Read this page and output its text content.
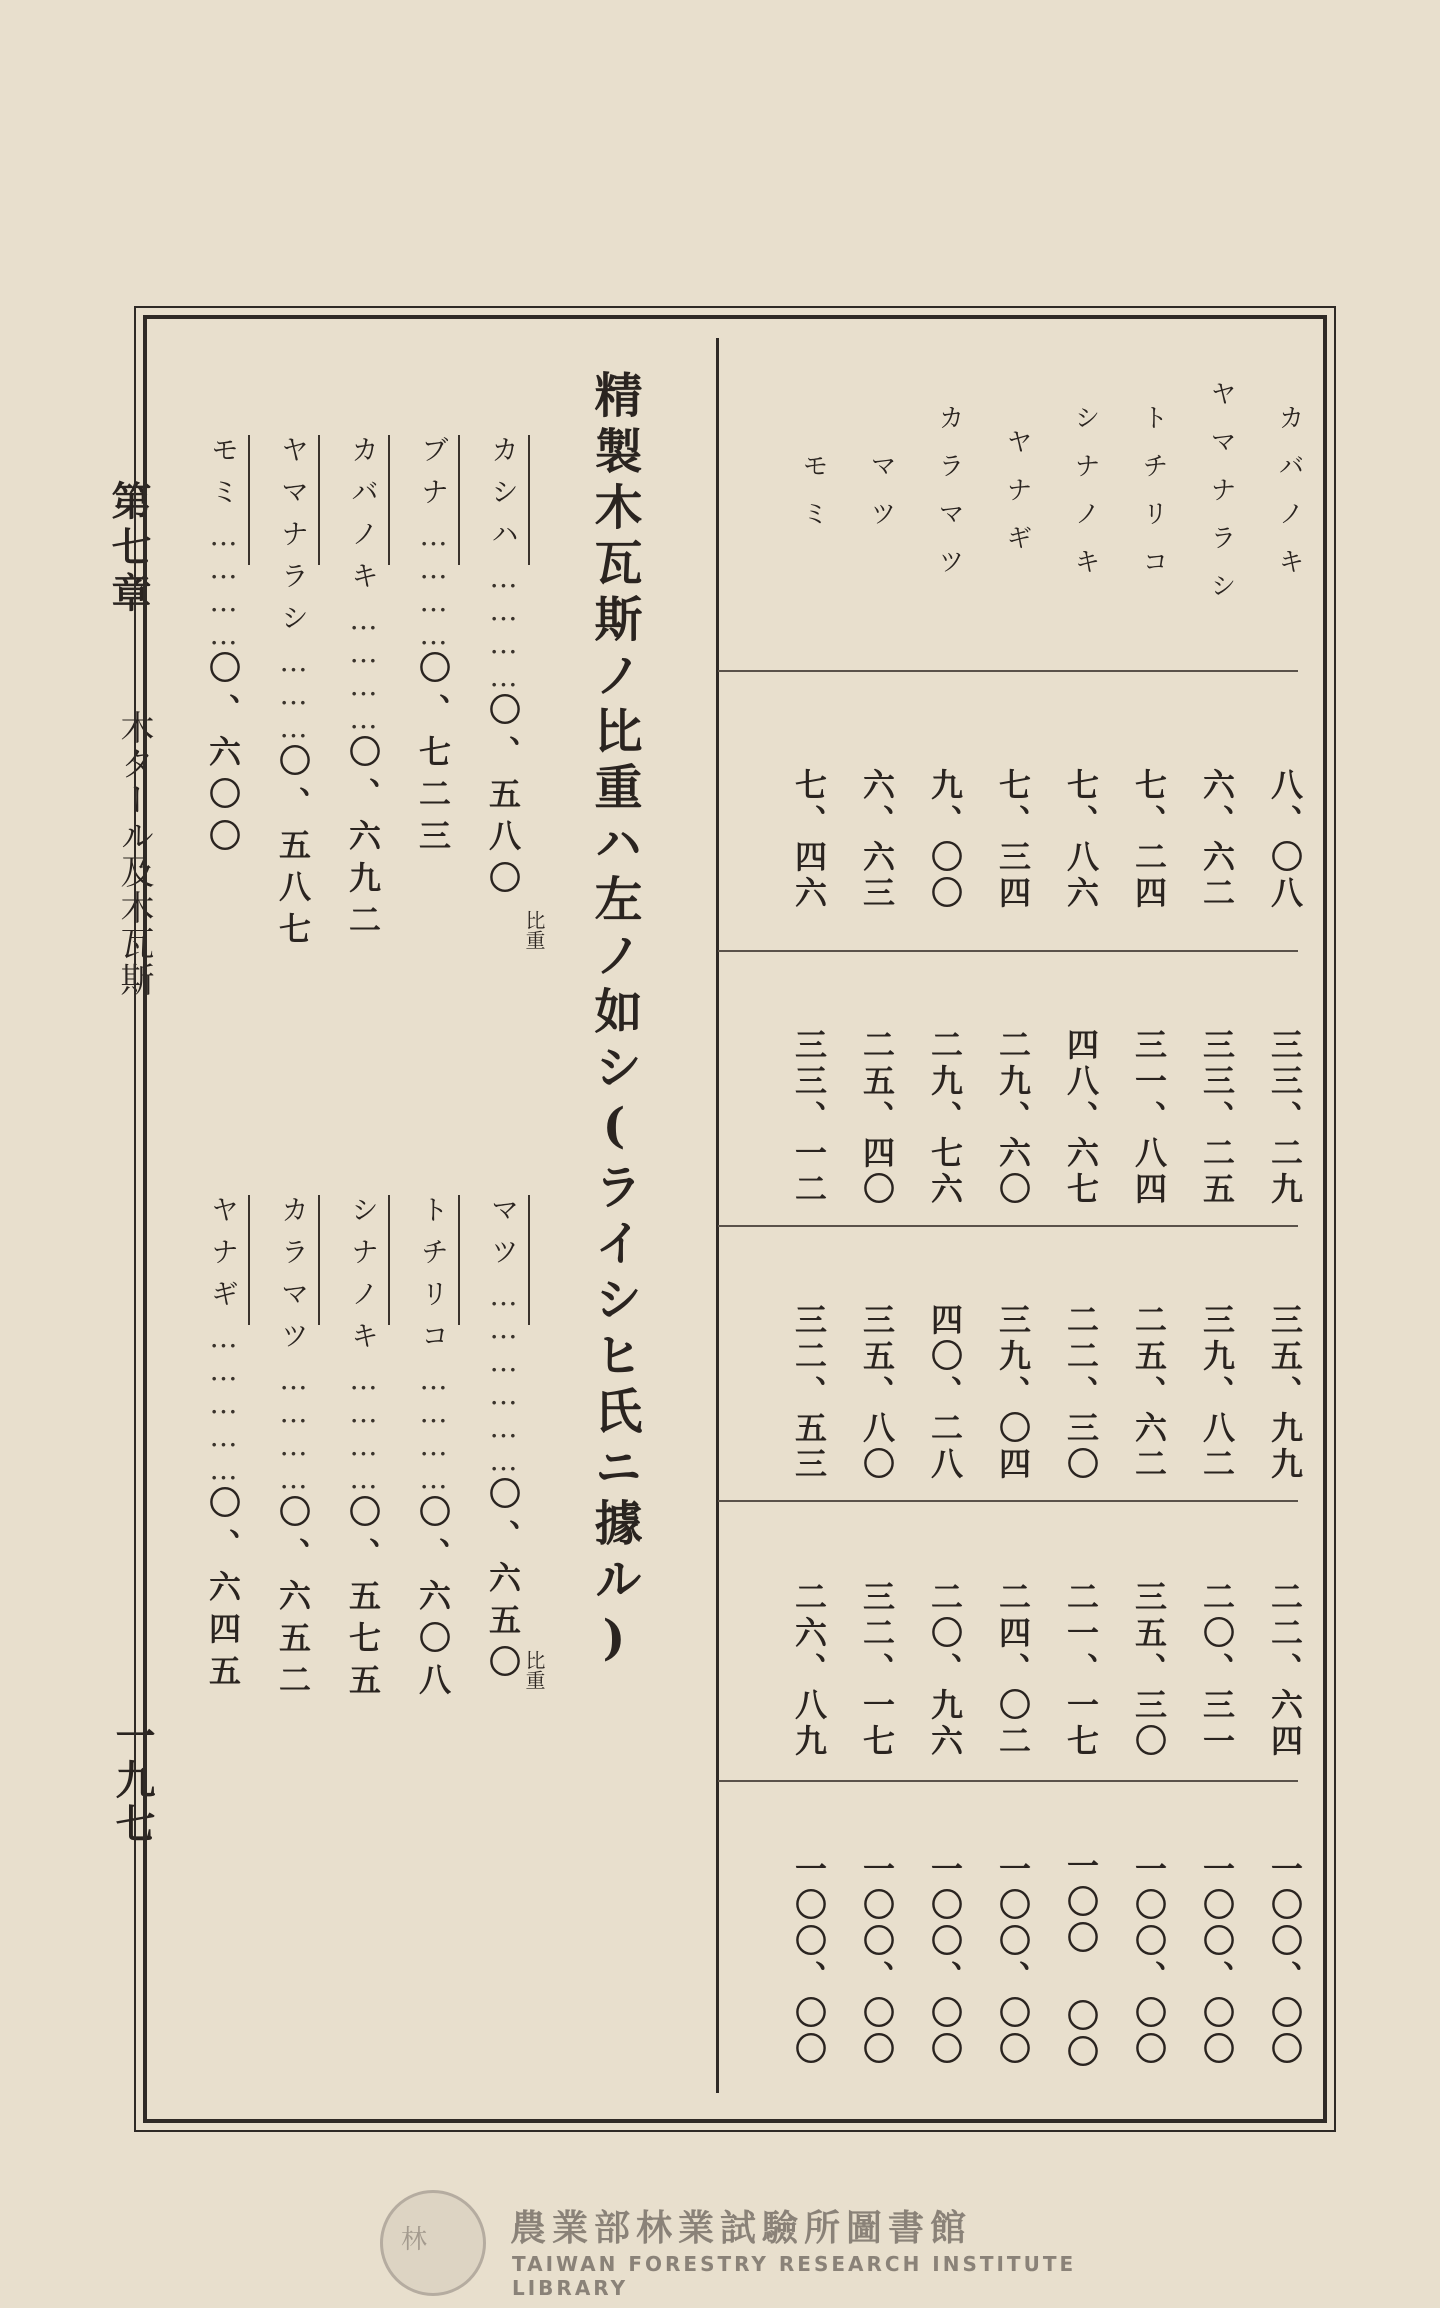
第七章
木タール及木瓦斯
一九七
カバノキ
八、〇八
三三、二九
三五、九九
二二、六四
一〇〇、〇〇
ヤマナラシ
六、六二
三三、二五
三九、八二
二〇、三一
一〇〇、〇〇
トチリコ
七、二四
三一、八四
二五、六二
三五、三〇
一〇〇、〇〇
シナノキ
七、八六
四八、六七
二二、三〇
二一、一七
一〇〇 〇〇
ヤナギ
七、三四
二九、六〇
三九、〇四
二四、〇二
一〇〇、〇〇
カラマツ
九、〇〇
二九、七六
四〇、二八
二〇、九六
一〇〇、〇〇
マツ
六、六三
二五、四〇
三五、八〇
三二、一七
一〇〇、〇〇
モミ
七、四六
三三、一二
三二、五三
二六、八九
一〇〇、〇〇
精製木瓦斯ノ比重ハ左ノ如シ(ライシヒ氏ニ據ル)
比重
比重
カシハ…………〇、五八〇
ブナ…………〇、七二三
カバノキ…………〇、六九二
ヤマナラシ………〇、五八七
モミ…………〇、六〇〇
マツ………………〇、六五〇
トチリコ…………〇、六〇八
シナノキ…………〇、五七五
カラマツ…………〇、六五二
ヤナギ……………〇、六四五
林 農業部林業試驗所圖書館
TAIWAN FORESTRY RESEARCH INSTITUTE LIBRARY
